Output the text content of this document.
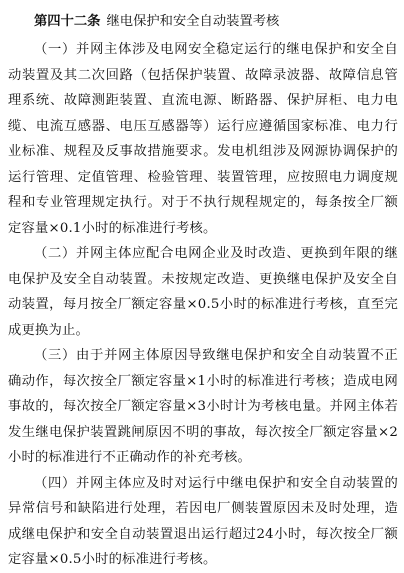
第四十二条 继电保护和安全自动装置考核

（一）并网主体涉及电网安全稳定运行的继电保护和安全自动装置及其二次回路（包括保护装置、故障录波器、故障信息管理系统、故障测距装置、直流电源、断路器、保护屏柜、电力电缆、电流互感器、电压互感器等）运行应遵循国家标准、电力行业标准、规程及反事故措施要求。发电机组涉及网源协调保护的运行管理、定值管理、检验管理、装置管理，应按照电力调度规程和专业管理规定执行。对于不执行规程规定的，每条按全厂额定容量×0.1小时的标准进行考核。

（二）并网主体应配合电网企业及时改造、更换到年限的继电保护及安全自动装置。未按规定改造、更换继电保护及安全自动装置，每月按全厂额定容量×0.5小时的标准进行考核，直至完成更换为止。

（三）由于并网主体原因导致继电保护和安全自动装置不正确动作，每次按全厂额定容量×1小时的标准进行考核；造成电网事故的，每次按全厂额定容量×3小时计为考核电量。并网主体若发生继电保护装置跳闸原因不明的事故，每次按全厂额定容量×2小时的标准进行不正确动作的补充考核。

（四）并网主体应及时对运行中继电保护和安全自动装置的异常信号和缺陷进行处理，若因电厂侧装置原因未及时处理，造成继电保护和安全自动装置退出运行超过24小时，每次按全厂额定容量×0.5小时的标准进行考核。
